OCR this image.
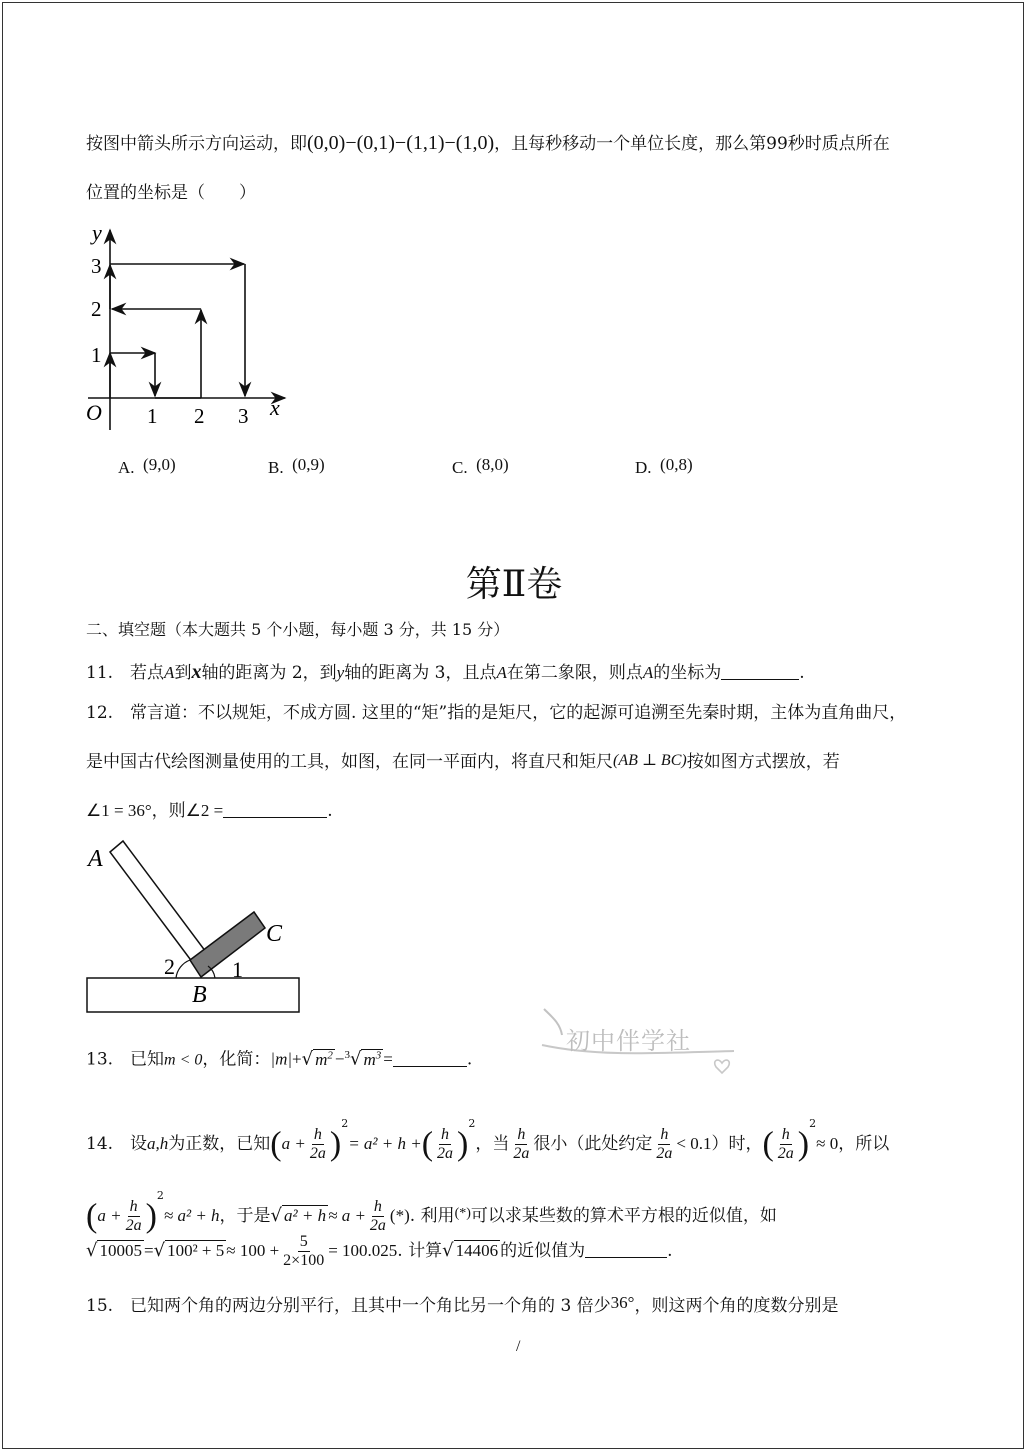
按图中箭头所示方向运动，即(0,0)−(0,1)−(1,1)−(1,0)，且每秒移动一个单位长度，那么第99秒时质点所在
位置的坐标是（　　）
y
x
O 1 2 3
1
2
3
A. (9,0)	B. (0,9)	C. (8,0)	D. (0,8)
第Ⅱ卷
二、填空题（本大题共 5 个小题，每小题 3 分，共 15 分）
11.　若点A到x轴的距离为 2，到y轴的距离为 3，且点A在第二象限，则点A的坐标为	.
12.　常言道：不以规矩，不成方圆. 这里的“矩”指的是矩尺，它的起源可追溯至先秦时期，主体为直角曲尺，
是中国古代绘图测量使用的工具，如图，在同一平面内，将直尺和矩尺(AB ⊥ BC)按如图方式摆放，若
∠1 = 36°，则∠2 =	.
A
B
C
1
2
初中伴学社
13.　已知m < 0，化简：|m|+√ $m^2 -^3√$ $m^3$ =	.
14.　设a,h为正数，已知$(a + \frac{h}{2a} )^2= a^2 + h$ +( $\frac{h}{2a} )^2$，当 $\frac{h}{2a}$ 很小（此处约定 $\frac{h}{2a} < 0.1$）时，( $\frac{h}{2a} )^2\approx 0$，所以
$(a + \frac{h}{2a} )^2\approx a^2 + h$，于是√ $a^2 + h \approx a + \frac{h}{2a}$ (*). 利用(*)可以求某些数的算术平方根的近似值，如
√ 10005 =√ $100^2 + 5 \approx 100 + \frac{5}{2\times 100} = 100.025$. 计算√ 14406 的近似值为	.
15.　已知两个角的两边分别平行，且其中一个角比另一个角的 3 倍少36°，则这两个角的度数分别是
/
